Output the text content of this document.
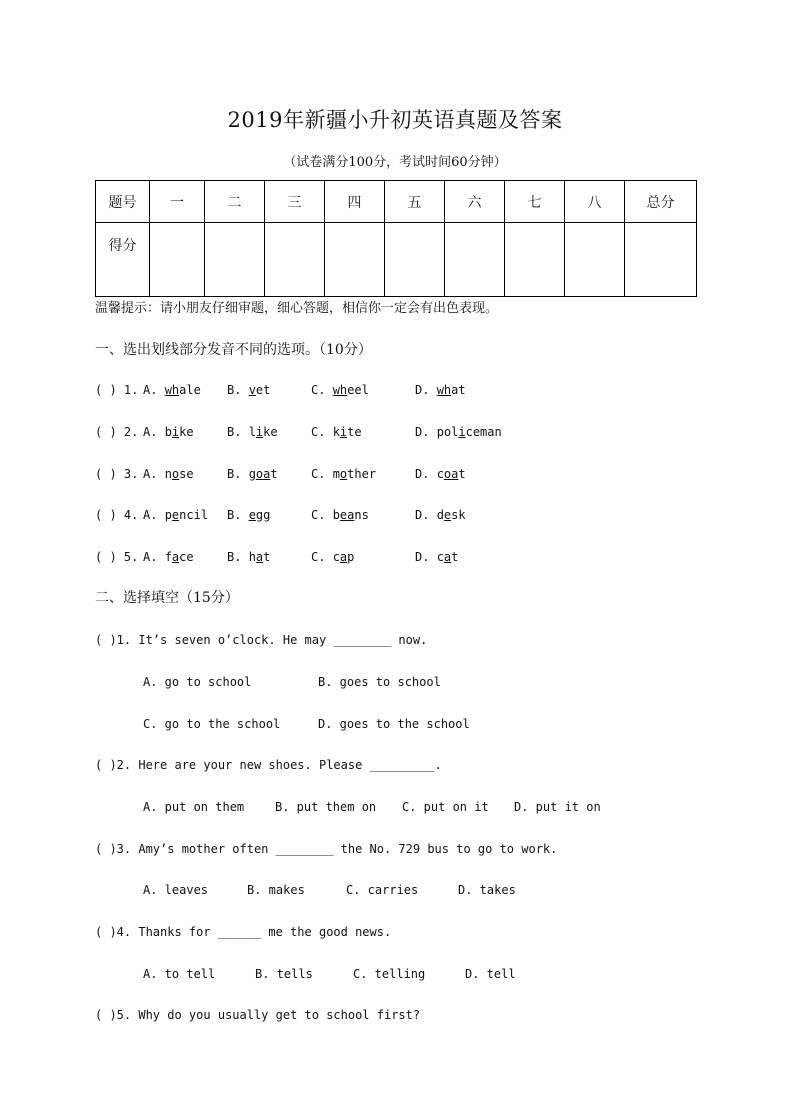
2019年新疆小升初英语真题及答案
（试卷满分100分，考试时间60分钟）
题号	一	二	三	四	五	六	七	八	总分
得分									
温馨提示：请小朋友仔细审题，细心答题，相信你一定会有出色表现。
一、选出划线部分发音不同的选项。（10分）
( ) 1. A. whale B. vet	C. wheel	D. what
( ) 2. A. bike	B. like	C. kite	D. policeman
( ) 3. A. nose	B. goat	C. mother	D. coat
( ) 4. A. pencil B. egg	C. beans	D. desk
( ) 5. A. face	B. hat	C. cap	D. cat
二、选择填空（15分）
( )1. It’s seven o’clock. He may ________ now.
A. go to school	B. goes to school
C. go to the school	D. goes to the school
( )2. Here are your new shoes. Please _________.
A. put on them	B. put them on C. put on it D. put it on
( )3. Amy’s mother often ________ the No. 729 bus to go to work.
A. leaves	B. makes	C. carries	D. takes
( )4. Thanks for ______ me the good news.
A. to tell	B. tells	C. telling	D. tell
( )5. Why do you usually get to school first?
